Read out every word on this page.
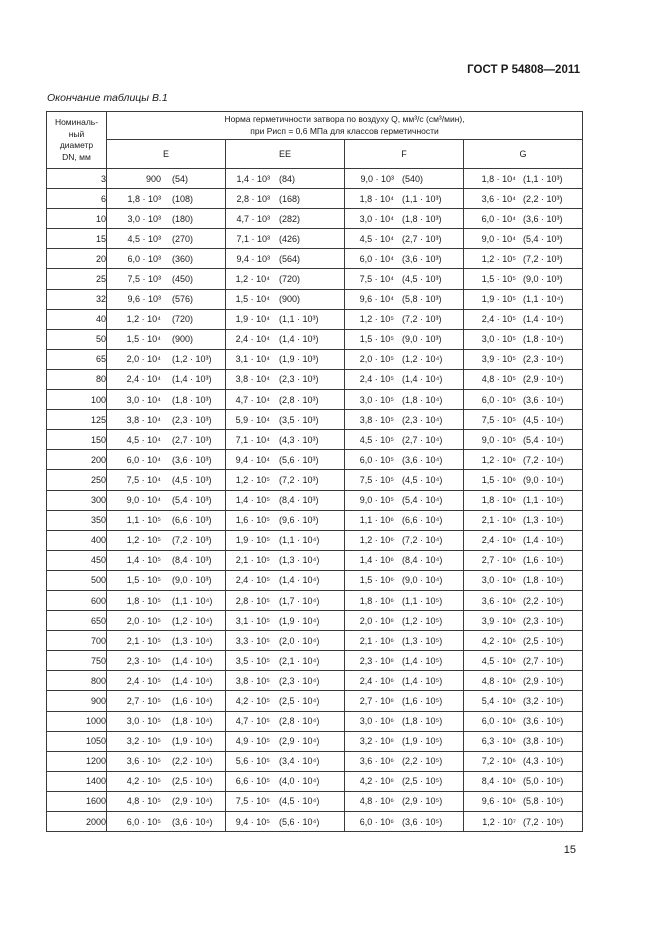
ГОСТ Р 54808—2011
Окончание таблицы В.1
Номиналь-
ный
диаметр
DN, мм	Норма герметичности затвора по воздуху Q, мм³/с (см³/мин),
при Pисп = 0,6 МПа для классов герметичности			
	E	EE	F	G
3	900 (54)	1,4 · 10³ (84)	9,0 · 10³ (540)	1,8 · 10⁴ (1,1 · 10³)

6	1,8 · 10³ (108)	2,8 · 10³ (168)	1,8 · 10⁴ (1,1 · 10³)	3,6 · 10⁴ (2,2 · 10³)

10	3,0 · 10³ (180)	4,7 · 10³ (282)	3,0 · 10⁴ (1,8 · 10³)	6,0 · 10⁴ (3,6 · 10³)

15	4,5 · 10³ (270)	7,1 · 10³ (426)	4,5 · 10⁴ (2,7 · 10³)	9,0 · 10⁴ (5,4 · 10³)

20	6,0 · 10³ (360)	9,4 · 10³ (564)	6,0 · 10⁴ (3,6 · 10³)	1,2 · 10⁵ (7,2 · 10³)

25	7,5 · 10³ (450)	1,2 · 10⁴ (720)	7,5 · 10⁴ (4,5 · 10³)	1,5 · 10⁵ (9,0 · 10³)

32	9,6 · 10³ (576)	1,5 · 10⁴ (900)	9,6 · 10⁴ (5,8 · 10³)	1,9 · 10⁵ (1,1 · 10⁴)

40	1,2 · 10⁴ (720)	1,9 · 10⁴ (1,1 · 10³)	1,2 · 10⁵ (7,2 · 10³)	2,4 · 10⁵ (1,4 · 10⁴)

50	1,5 · 10⁴ (900)	2,4 · 10⁴ (1,4 · 10³)	1,5 · 10⁵ (9,0 · 10³)	3,0 · 10⁵ (1,8 · 10⁴)

65	2,0 · 10⁴ (1,2 · 10³)	3,1 · 10⁴ (1,9 · 10³)	2,0 · 10⁵ (1,2 · 10⁴)	3,9 · 10⁵ (2,3 · 10⁴)

80	2,4 · 10⁴ (1,4 · 10³)	3,8 · 10⁴ (2,3 · 10³)	2,4 · 10⁵ (1,4 · 10⁴)	4,8 · 10⁵ (2,9 · 10⁴)

100	3,0 · 10⁴ (1,8 · 10³)	4,7 · 10⁴ (2,8 · 10³)	3,0 · 10⁵ (1,8 · 10⁴)	6,0 · 10⁵ (3,6 · 10⁴)

125	3,8 · 10⁴ (2,3 · 10³)	5,9 · 10⁴ (3,5 · 10³)	3,8 · 10⁵ (2,3 · 10⁴)	7,5 · 10⁵ (4,5 · 10⁴)

150	4,5 · 10⁴ (2,7 · 10³)	7,1 · 10⁴ (4,3 · 10³)	4,5 · 10⁵ (2,7 · 10⁴)	9,0 · 10⁵ (5,4 · 10⁴)

200	6,0 · 10⁴ (3,6 · 10³)	9,4 · 10⁴ (5,6 · 10³)	6,0 · 10⁵ (3,6 · 10⁴)	1,2 · 10⁶ (7,2 · 10⁴)

250	7,5 · 10⁴ (4,5 · 10³)	1,2 · 10⁵ (7,2 · 10³)	7,5 · 10⁵ (4,5 · 10⁴)	1,5 · 10⁶ (9,0 · 10⁴)

300	9,0 · 10⁴ (5,4 · 10³)	1,4 · 10⁵ (8,4 · 10³)	9,0 · 10⁵ (5,4 · 10⁴)	1,8 · 10⁶ (1,1 · 10⁵)

350	1,1 · 10⁵ (6,6 · 10³)	1,6 · 10⁵ (9,6 · 10³)	1,1 · 10⁶ (6,6 · 10⁴)	2,1 · 10⁶ (1,3 · 10⁵)

400	1,2 · 10⁵ (7,2 · 10³)	1,9 · 10⁵ (1,1 · 10⁴)	1,2 · 10⁶ (7,2 · 10⁴)	2,4 · 10⁶ (1,4 · 10⁵)

450	1,4 · 10⁵ (8,4 · 10³)	2,1 · 10⁵ (1,3 · 10⁴)	1,4 · 10⁶ (8,4 · 10⁴)	2,7 · 10⁶ (1,6 · 10⁵)

500	1,5 · 10⁵ (9,0 · 10³)	2,4 · 10⁵ (1,4 · 10⁴)	1,5 · 10⁶ (9,0 · 10⁴)	3,0 · 10⁶ (1,8 · 10⁵)

600	1,8 · 10⁵ (1,1 · 10⁴)	2,8 · 10⁵ (1,7 · 10⁴)	1,8 · 10⁶ (1,1 · 10⁵)	3,6 · 10⁶ (2,2 · 10⁵)

650	2,0 · 10⁵ (1,2 · 10⁴)	3,1 · 10⁵ (1,9 · 10⁴)	2,0 · 10⁶ (1,2 · 10⁵)	3,9 · 10⁶ (2,3 · 10⁵)

700	2,1 · 10⁵ (1,3 · 10⁴)	3,3 · 10⁵ (2,0 · 10⁴)	2,1 · 10⁶ (1,3 · 10⁵)	4,2 · 10⁶ (2,5 · 10⁵)

750	2,3 · 10⁵ (1,4 · 10⁴)	3,5 · 10⁵ (2,1 · 10⁴)	2,3 · 10⁶ (1,4 · 10⁵)	4,5 · 10⁶ (2,7 · 10⁵)

800	2,4 · 10⁵ (1,4 · 10⁴)	3,8 · 10⁵ (2,3 · 10⁴)	2,4 · 10⁶ (1,4 · 10⁵)	4,8 · 10⁶ (2,9 · 10⁵)

900	2,7 · 10⁵ (1,6 · 10⁴)	4,2 · 10⁵ (2,5 · 10⁴)	2,7 · 10⁶ (1,6 · 10⁵)	5,4 · 10⁶ (3,2 · 10⁵)

1000	3,0 · 10⁵ (1,8 · 10⁴)	4,7 · 10⁵ (2,8 · 10⁴)	3,0 · 10⁶ (1,8 · 10⁵)	6,0 · 10⁶ (3,6 · 10⁵)

1050	3,2 · 10⁵ (1,9 · 10⁴)	4,9 · 10⁵ (2,9 · 10⁴)	3,2 · 10⁶ (1,9 · 10⁵)	6,3 · 10⁶ (3,8 · 10⁵)

1200	3,6 · 10⁵ (2,2 · 10⁴)	5,6 · 10⁵ (3,4 · 10⁴)	3,6 · 10⁶ (2,2 · 10⁵)	7,2 · 10⁶ (4,3 · 10⁵)

1400	4,2 · 10⁵ (2,5 · 10⁴)	6,6 · 10⁵ (4,0 · 10⁴)	4,2 · 10⁶ (2,5 · 10⁵)	8,4 · 10⁶ (5,0 · 10⁵)

1600	4,8 · 10⁵ (2,9 · 10⁴)	7,5 · 10⁵ (4,5 · 10⁴)	4,8 · 10⁶ (2,9 · 10⁵)	9,6 · 10⁶ (5,8 · 10⁵)

2000	6,0 · 10⁵ (3,6 · 10⁴)	9,4 · 10⁵ (5,6 · 10⁴)	6,0 · 10⁶ (3,6 · 10⁵)	1,2 · 10⁷ (7,2 · 10⁵)
15
